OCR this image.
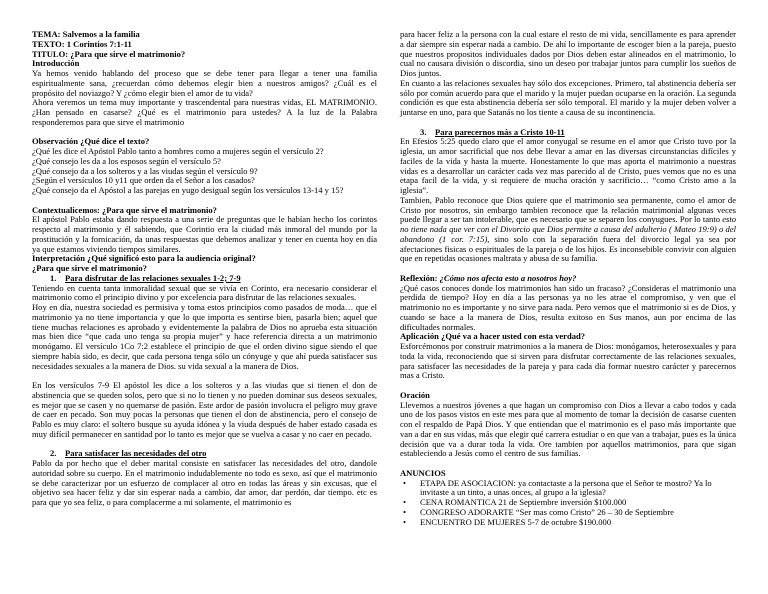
TEMA: Salvemos a la familia

TEXTO: 1 Corintios 7:1-11

TITULO: ¿Para que sirve el matrimonio?

Introducción

Ya hemos venido hablando del proceso que se debe tener para llegar a tener una familia espiritualmente sana, ¿recuerdan cómo debemos elegir bien a nuestros amigos? ¿Cuál es el propósito del noviazgo? Y ¿cómo elegir bien el amor de tu vida?

Ahora veremos un tema muy importante y trascendental para nuestras vidas, EL MATRIMONIO. ¿Han pensado en casarse? ¿Qué es el matrimonio para ustedes? A la luz de la Palabra responderemos para que sirve el matrimonio

Observación ¿Qué dice el texto?

¿Qué les dice el Apóstol Pablo tanto a hombres como a mujeres según el versículo 2?

¿Qué consejo les da a los esposos según el versículo 5?

¿Qué consejo da a los solteros y a las viudas según el versículo 9?

¿Según el versículos 10 y11 que orden da el Señor a los casados?

¿Qué consejo da el Apóstol a las parejas en yugo desigual según los versículos 13-14 y 15?

Contextualicemos: ¿Para que sirve el matrimonio?

El apóstol Pablo estaba dando respuesta a una serie de preguntas que le habían hecho los corintos respecto al matrimonio y él sabiendo, que Corintio era la ciudad más inmoral del mundo por la prostitución y la fornicación, da unas respuestas que debemos analizar y tener en cuenta hoy en día ya que estamos viviendo tiempos similares.

Interpretación ¿Qué significó esto para la audiencia original?

¿Para que sirve el matrimonio?

1. Para disfrutar de las relaciones sexuales 1-2; 7-9

Teniendo en cuenta tanta inmoralidad sexual que se vivía en Corinto, era necesario considerar el matrimonio como el principio divino y por excelencia para disfrutar de las relaciones sexuales.

Hoy en día, nuestra sociedad es permisiva y toma estos principios como pasados de moda… que el matrimonio ya no tiene importancia y que lo que importa es sentirse bien, pasarla bien; aquel que tiene muchas relaciones es aprobado y evidentemente la palabra de Dios no aprueba esta situación mas bien dice “que cada uno tenga su propia mujer” y hace referencia directa a un matrimonio monógamo. El versículo 1Co 7:2 establece el principio de que el orden divino sigue siendo el que siempre había sido, es decir, que cada persona tenga sólo un cónyuge y que ahí pueda satisfacer sus necesidades sexuales a la manera de Dios. su vida sexual a la manera de Dios.

En los versículos 7-9 El apóstol les dice a los solteros y a las viudas que si tienen el don de abstinencia que se queden solos, pero que si no lo tienen y no pueden dominar sus deseos sexuales, es mejor que se casen y no quemarse de pasión. Este ardor de pasión involucra el peligro muy grave de caer en pecado. Son muy pocas la personas que tienen el don de abstinencia, pero el consejo de Pablo es muy claro: el soltero busque su ayuda idónea y la viuda después de haber estado casada es muy difícil permanecer en santidad por lo tanto es mejor que se vuelva a casar y no caer en pecado.

2. Para satisfacer las necesidades del otro

Pablo da por hecho que el deber marital consiste en satisfacer las necesidades del otro, dandole autoridad sobre su cuerpo. En el matrimonio indudablemente no todo es sexo, así que el matrimonio se debe caracterizar por un esfuerzo de complacer al otro en todas las áreas y sin excusas, que el objetivo sea hacer feliz y dar sin esperar nada a cambio, dar amor, dar perdón, dar tiempo. etc es para que yo sea feliz, o para complacerme a mi solamente, el matrimonio es

para hacer feliz a la persona con la cual estare el resto de mi vida, sencillamente es para aprender a dar siempre sin esperar nada a cambio. De ahí lo importante de escoger bien a la pareja, puesto que nuestros propositos individuales dados por Dios deben estar alineados en el matrimonio, lo cual no causara división o discordia, sino un deseo por trabajar juntos para cumplir los sueños de Dios juntos.

En cuanto a las relaciones sexuales hay sólo dos excepciones. Primero, tal abstinencia debería ser sólo por común acuerdo para que el marido y la mujer puedan ocuparse en la oración. La segunda condición es que esta abstinencia debería ser sólo temporal. El marido y la mujer deben volver a juntarse en uno, para que Satanás no los tiente a causa de su incontinencia.

3. Para parecernos más a Cristo 10-11

En Efesios 5:25 quedo claro que el amor conyugal se resume en el amor que Cristo tuvo por la iglesia, un amor sacrificial que nos debe llevar a amar en las diversas circunstancias difíciles y faciles de la vida y hasta la muerte. Honestamente lo que mas aporta el matrimonio a nuestras vidas es a desarrollar un carácter cada vez mas parecido al de Cristo, pues vemos que no es una etapa facil de la vida, y si requiere de mucha oración y sacrificio… “como Cristo amo a la iglesia”.

Tambien, Pablo reconoce que Dios quiere que el matrimonio sea permanente, como el amor de Cristo por nosotros, sin embargo tambien reconoce que la relación matrimonial algunas veces puede llegar a ser tan intolerable, que es necesario que se separen los conyugues. Por lo tanto esto no tiene nada que ver con el Divorcio que Dios permite a causa del adulterio ( Mateo 19:9) o del abandono (1 cor. 7:15), sino solo con la separación fuera del divorcio legal ya sea por afectaciones fisicas o espirituales de la pareja o de los hijos. Es inconsebible convivir con alguien que en repetidas ocasiones maltrata y abusa de su familia.

Reflexión: ¿Cómo nos afecta esto a nosotros hoy?

¿Qué casos conoces donde los matrimonios han sido un fracaso? ¿Consideras el matrimonio una perdida de tiempo? Hoy en día a las personas ya no les atrae el compromiso, y ven que el matrimonio no es importante y no sirve para nada. Pero vemos que el matrimonio si es de Dios, y cuando se hace a la manera de Dios, resulta exitoso en Sus manos, aun por encima de las dificultades normales.

Aplicación ¿Qué va a hacer usted con esta verdad?

Esforcémonos por construir matrimonios a la manera de Dios: monógamos, heterosexuales y para toda la vida, reconociendo que si sirven para disfrutar correctamente de las relaciones sexuales, para satisfacer las necesidades de la pareja y para cada día formar nuestro carácter y parecernos mas a Cristo.

Oración

Llevemos a nuestros jóvenes a que hagan un compromiso con Dios a llevar a cabo todos y cada uno de los pasos vistos en este mes para que al momento de tomar la decisión de casarse cuenten con el respaldo de Papá Dios. Y que entiendan que el matrimonio es el paso más importante que van a dar en sus vidas, más que elegir qué carrera estudiar o en que van a trabajar, pues es la única decisión que va a durar toda la vida. Ore tambien por aquellos matrimonios, para que sigan estableciendo a Jesús como el centro de sus familias.

ANUNCIOS

• ETAPA DE ASOCIACION: ya contactaste a la persona que el Señor te mostro? Ya lo invitaste a un tinto, a unas onces, al grupo a la iglesia?
• CENA ROMANTICA 21 de Septiembre inversión $100.000
• CONGRESO ADORARTE “Ser mas como Cristo” 26 – 30 de Septiembre
• ENCUENTRO DE MUJERES 5-7 de octubre $190.000
